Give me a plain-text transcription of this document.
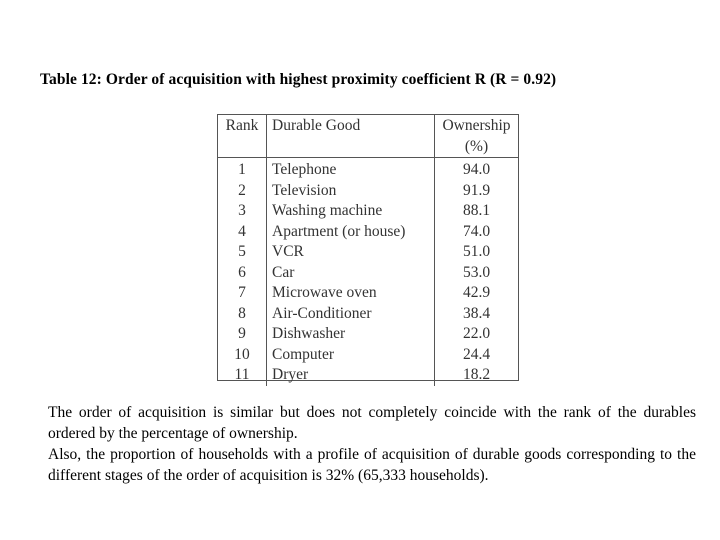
Table 12: Order of acquisition with highest proximity coefficient R (R = 0.92)
Rank	Durable Good	Ownership (%)
1	Telephone	94.0
2	Television	91.9
3	Washing machine	88.1
4	Apartment (or house)	74.0
5	VCR	51.0
6	Car	53.0
7	Microwave oven	42.9
8	Air-Conditioner	38.4
9	Dishwasher	22.0
10	Computer	24.4
11	Dryer	18.2

The order of acquisition is similar but does not completely coincide with the rank of the durables ordered by the percentage of ownership.

Also, the proportion of households with a profile of acquisition of durable goods corresponding to the different stages of the order of acquisition is 32% (65,333 households).
